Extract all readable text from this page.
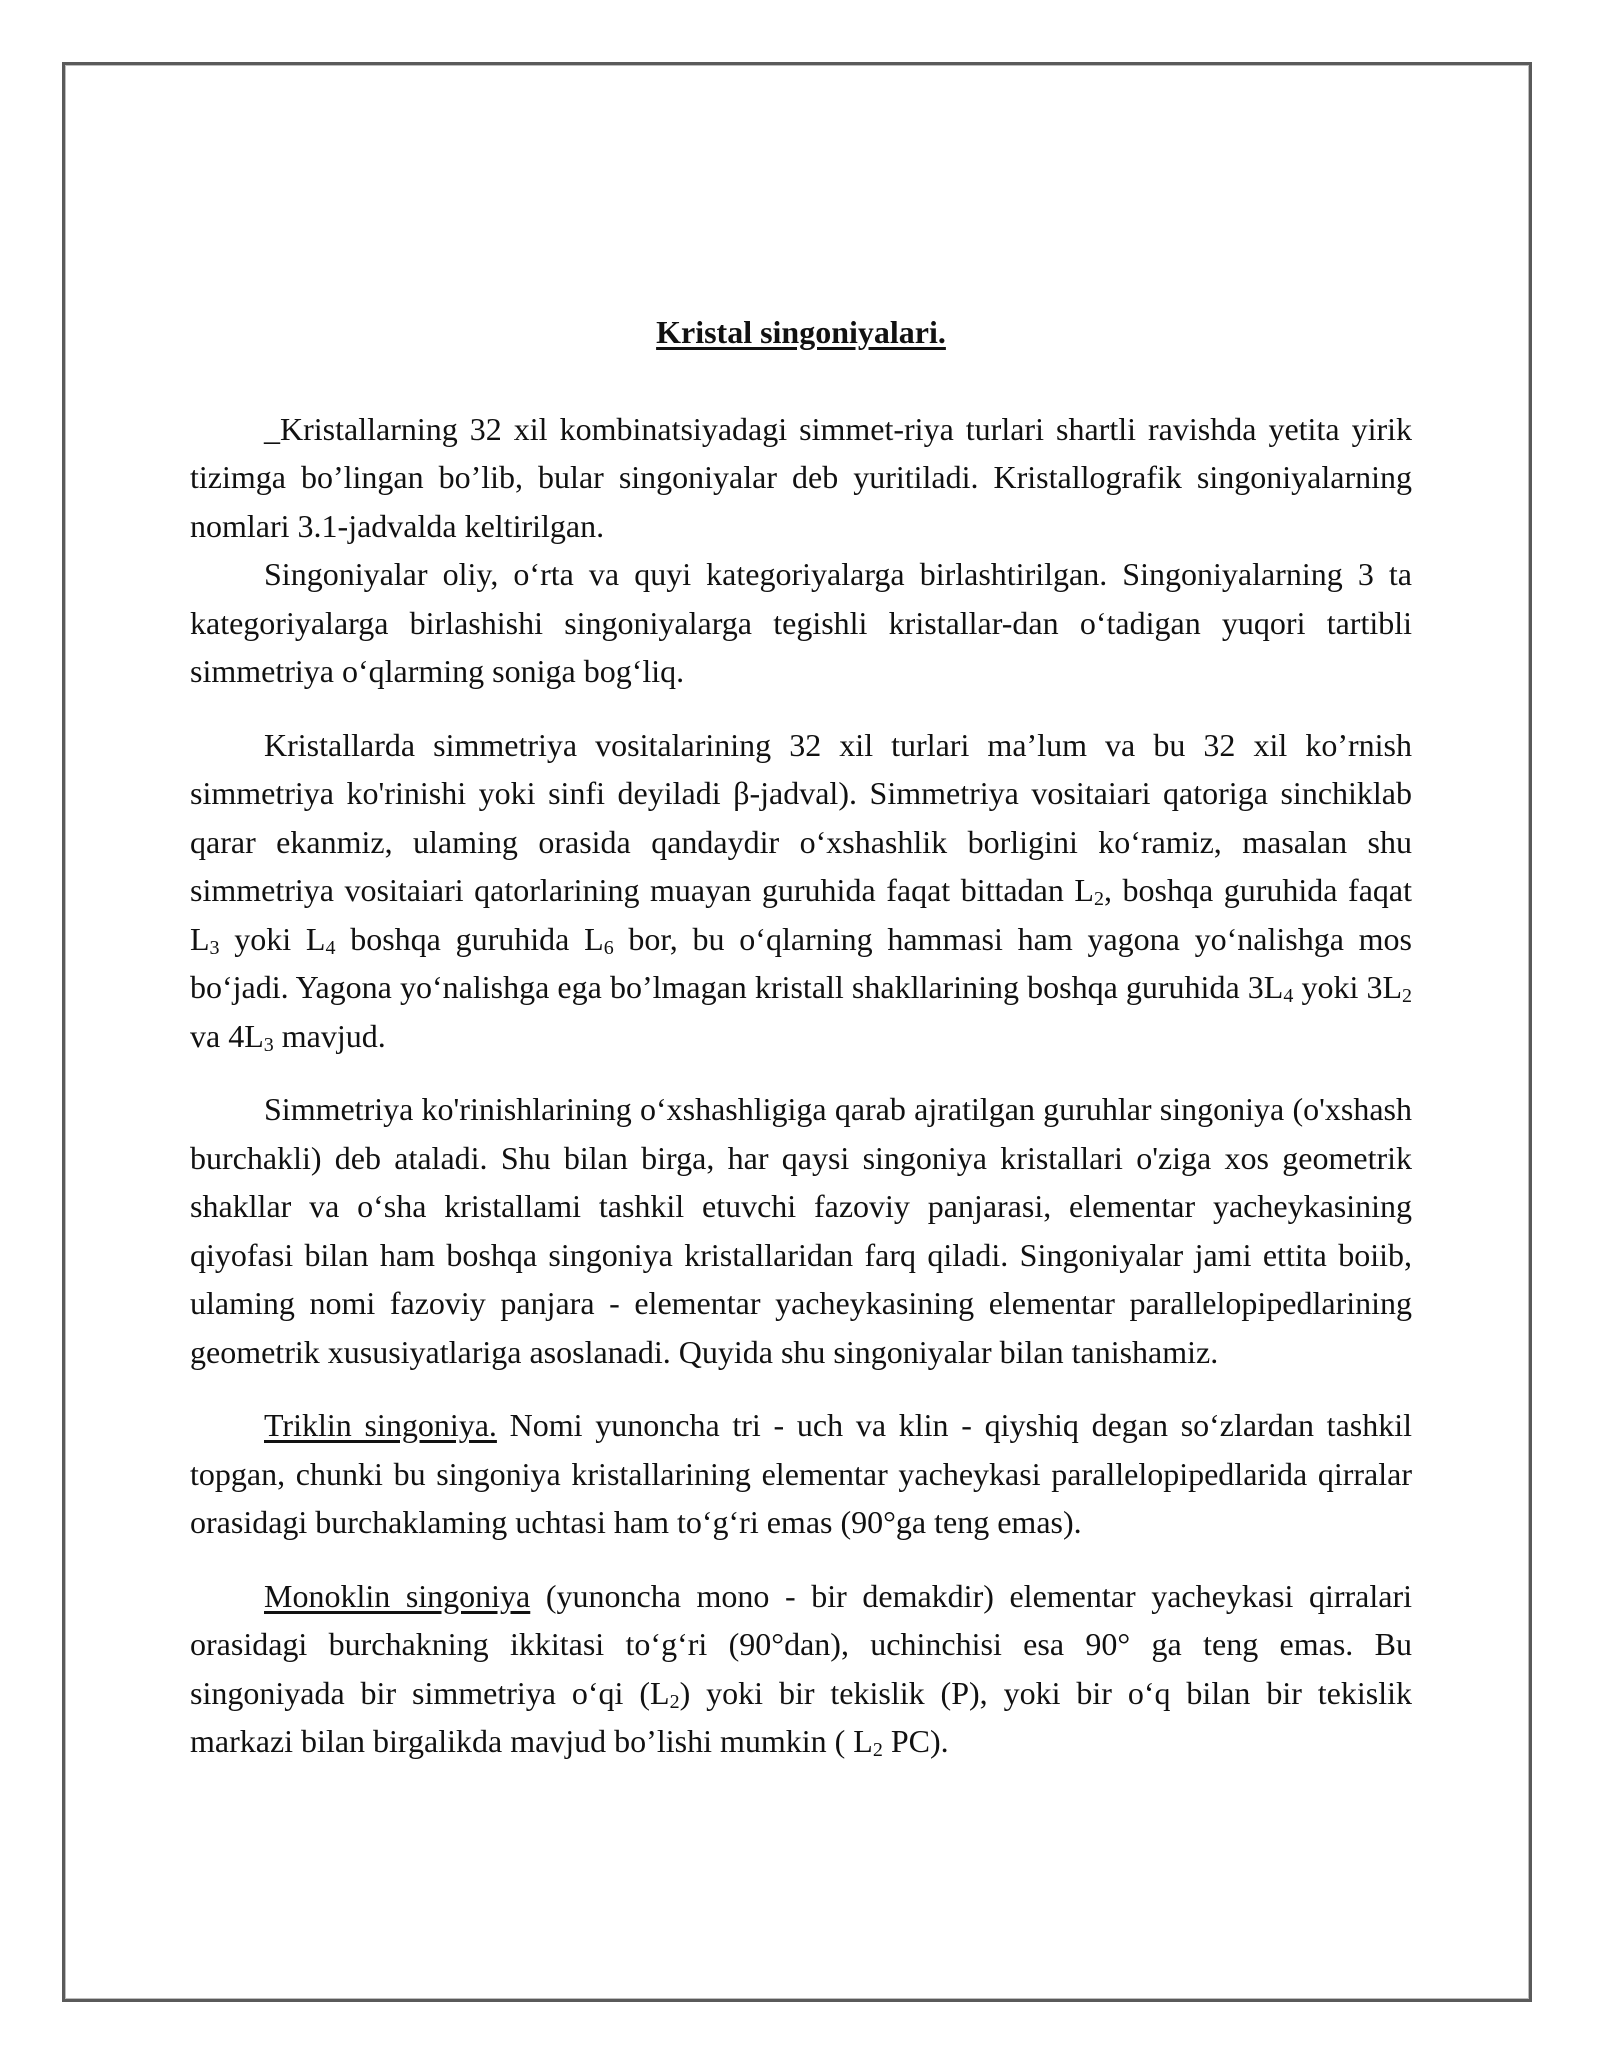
Kristal singoniyalari.

_Kristallarning 32 xil kombinatsiyadagi simmet-riya turlari shartli ravishda yetita yirik tizimga bo’lingan bo’lib, bular singoniyalar deb yuritiladi. Kristallografik singoniyalarning nomlari 3.1-jadvalda keltirilgan.

Singoniyalar oliy, o‘rta va quyi kategoriyalarga birlashtirilgan. Singoniyalarning 3 ta kategoriyalarga birlashishi singoniyalarga tegishli kristallar-dan o‘tadigan yuqori tartibli simmetriya o‘qlarming soniga bog‘liq.

Kristallarda simmetriya vositalarining 32 xil turlari ma’lum va bu 32 xil ko’rnish simmetriya ko'rinishi yoki sinfi deyiladi β-jadval). Simmetriya vositaiari qatoriga sinchiklab qarar ekanmiz, ulaming orasida qandaydir o‘xshashlik borligini ko‘ramiz, masalan shu simmetriya vositaiari qatorlarining muayan guruhida faqat bittadan $L_2$, boshqa guruhida faqat $L_3$ yoki $L_4$ boshqa guruhida $L_6$ bor, bu o‘qlarning hammasi ham yagona yo‘nalishga mos bo‘jadi. Yagona yo‘nalishga ega bo’lmagan kristall shakllarining boshqa guruhida $3L_4$ yoki $3L_2$ va $4L_3$ mavjud.

Simmetriya ko'rinishlarining o‘xshashligiga qarab ajratilgan guruhlar singoniya (o'xshash burchakli) deb ataladi. Shu bilan birga, har qaysi singoniya kristallari o'ziga xos geometrik shakllar va o‘sha kristallami tashkil etuvchi fazoviy panjarasi, elementar yacheykasining qiyofasi bilan ham boshqa singoniya kristallaridan farq qiladi. Singoniyalar jami ettita boiib, ulaming nomi fazoviy panjara - elementar yacheykasining elementar parallelopipedlarining geometrik xususiyatlariga asoslanadi. Quyida shu singoniyalar bilan tanishamiz.

Triklin singoniya. Nomi yunoncha tri - uch va klin - qiyshiq degan so‘zlardan tashkil topgan, chunki bu singoniya kristallarining elementar yacheykasi parallelopipedlarida qirralar orasidagi burchaklaming uchtasi ham to‘g‘ri emas (90°ga teng emas).

Monoklin singoniya (yunoncha mono - bir demakdir) elementar yacheykasi qirralari orasidagi burchakning ikkitasi to‘g‘ri (90°dan), uchinchisi esa 90° ga teng emas. Bu singoniyada bir simmetriya o‘qi $(L_2)$ yoki bir tekislik (P), yoki bir o‘q bilan bir tekislik markazi bilan birgalikda mavjud bo’lishi mumkin ( $L_2$ PC).
